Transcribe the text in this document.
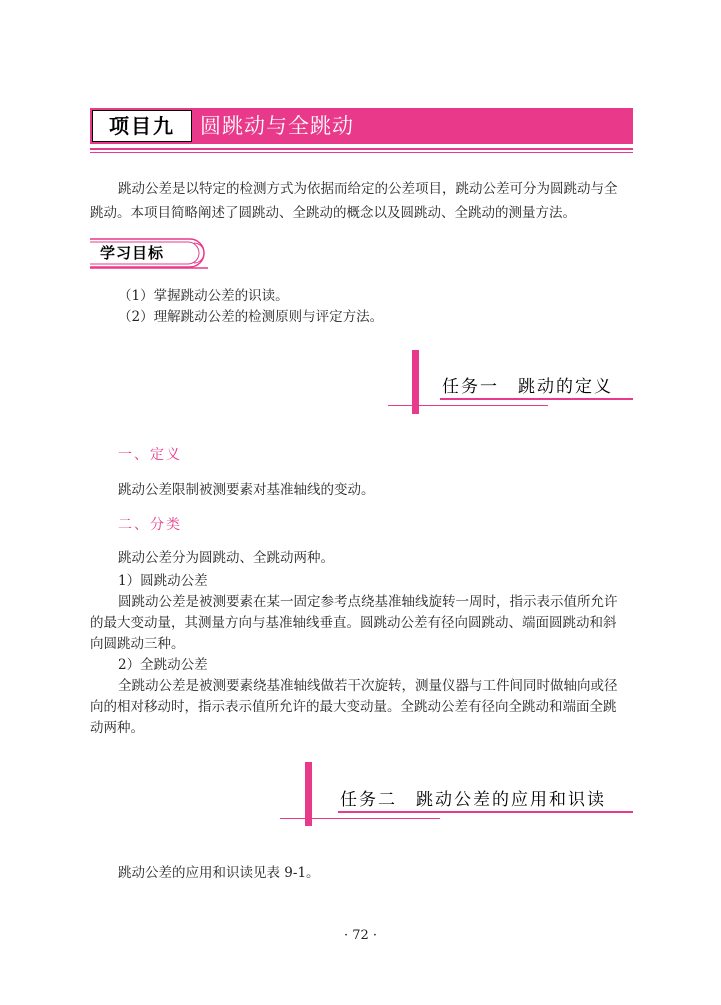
项目九	圆跳动与全跳动
跳动公差是以特定的检测方式为依据而给定的公差项目，跳动公差可分为圆跳动与全
跳动。本项目简略阐述了圆跳动、全跳动的概念以及圆跳动、全跳动的测量方法。
学习目标
（1）掌握跳动公差的识读。
（2）理解跳动公差的检测原则与评定方法。
任务一　跳动的定义
一、定义
跳动公差限制被测要素对基准轴线的变动。
二、分类
跳动公差分为圆跳动、全跳动两种。
1）圆跳动公差
圆跳动公差是被测要素在某一固定参考点绕基准轴线旋转一周时，指示表示值所允许
的最大变动量，其测量方向与基准轴线垂直。圆跳动公差有径向圆跳动、端面圆跳动和斜
向圆跳动三种。
2）全跳动公差
全跳动公差是被测要素绕基准轴线做若干次旋转，测量仪器与工件间同时做轴向或径
向的相对移动时，指示表示值所允许的最大变动量。全跳动公差有径向全跳动和端面全跳
动两种。
任务二　跳动公差的应用和识读
跳动公差的应用和识读见表 9-1。
· 72 ·
